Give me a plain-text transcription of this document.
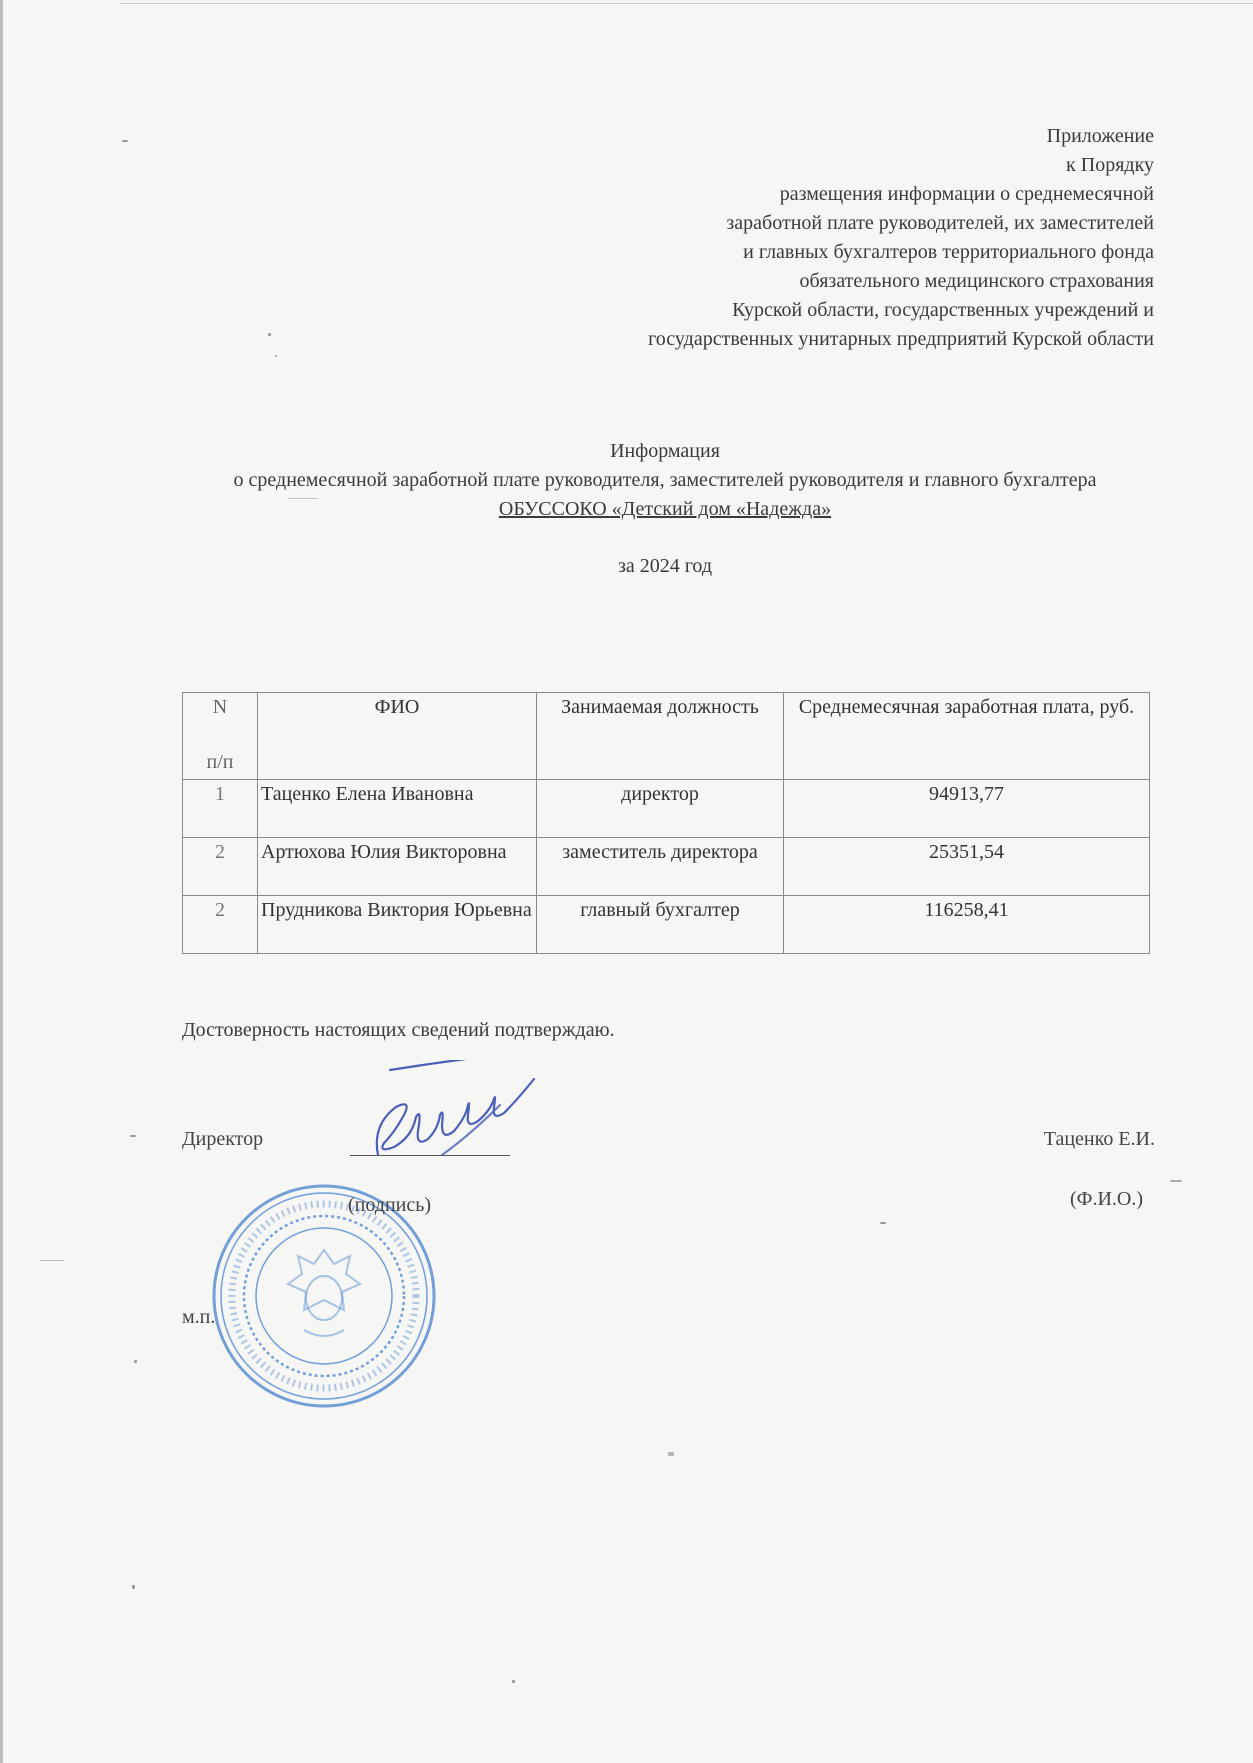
Приложение
к Порядку
размещения информации о среднемесячной
заработной плате руководителей, их заместителей
и главных бухгалтеров территориального фонда
обязательного медицинского страхования
Курской области, государственных учреждений и
государственных унитарных предприятий Курской области
Информация
о среднемесячной заработной плате руководителя, заместителей руководителя и главного бухгалтера
ОБУССОКО «Детский дом «Надежда»
за 2024 год
N
п/п	ФИО	Занимаемая должность	Среднемесячная заработная плата, руб.
1	Таценко Елена Ивановна	директор	94913,77
2	Артюхова Юлия Викторовна	заместитель директора	25351,54
2	Прудникова Виктория Юрьевна	главный бухгалтер	116258,41
Достоверность настоящих сведений подтверждаю.
Директор
(подпись)
Таценко Е.И.
(Ф.И.О.)
м.п.
